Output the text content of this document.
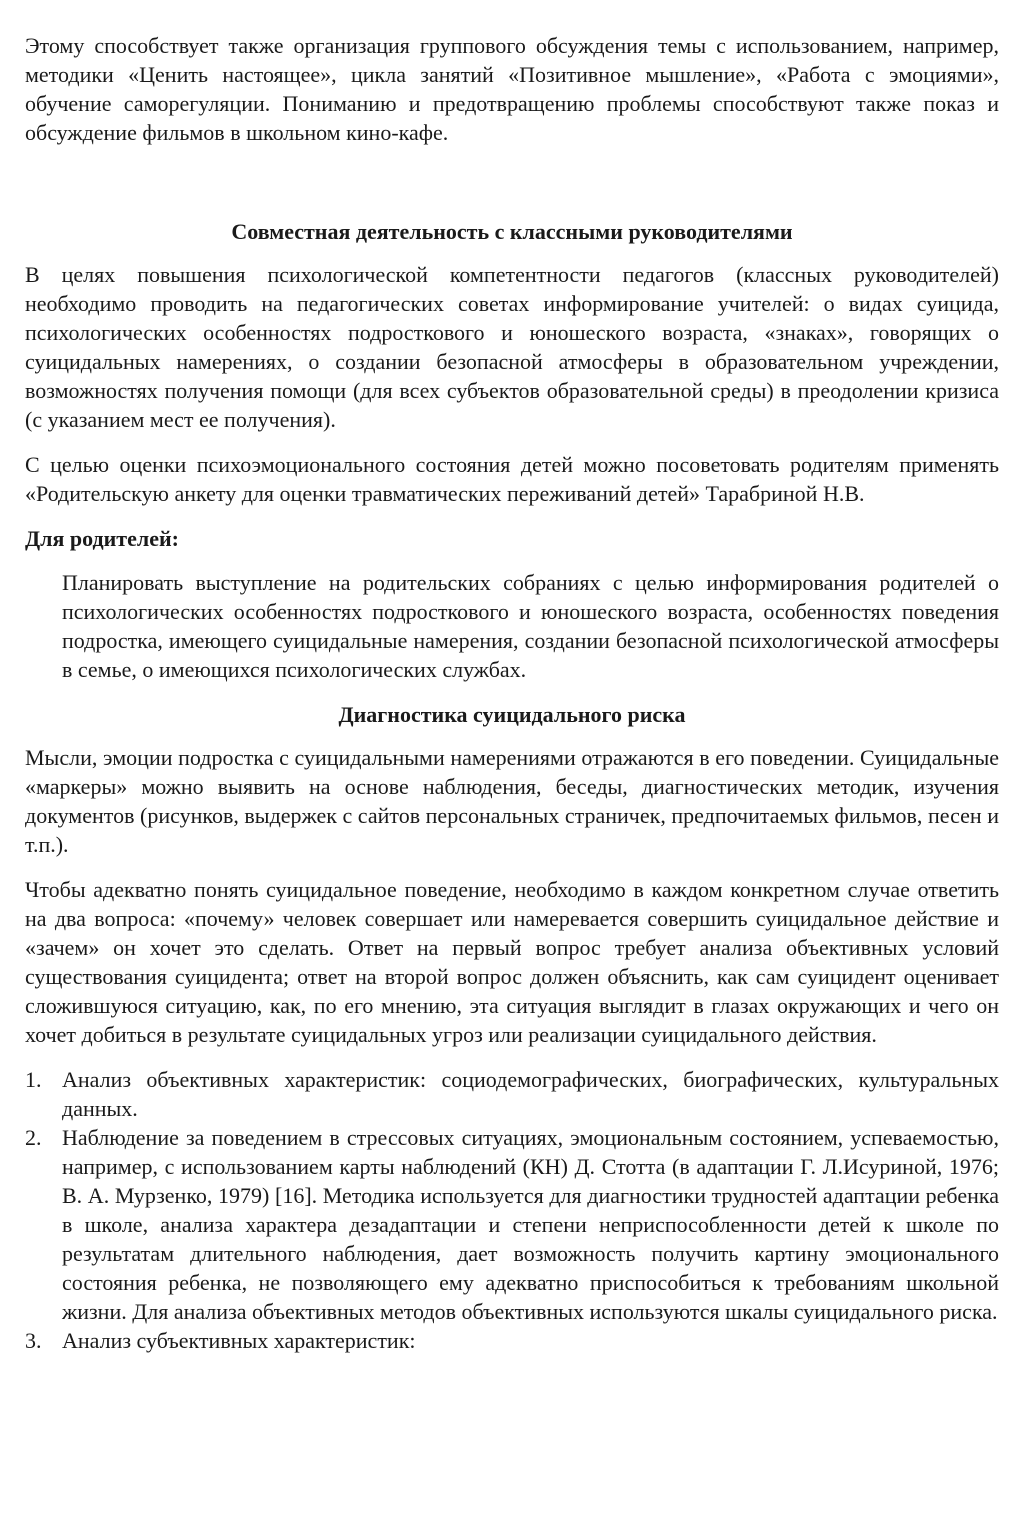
Этому способствует также организация группового обсуждения темы с использованием, например, методики «Ценить настоящее», цикла занятий «Позитивное мышление», «Работа с эмоциями», обучение саморегуляции. Пониманию и предотвращению проблемы способствуют также показ и обсуждение фильмов в школьном кино-кафе.

Совместная деятельность с классными руководителями

В целях повышения психологической компетентности педагогов (классных руководителей) необходимо проводить на педагогических советах информирование учителей: о видах суицида, психологических особенностях подросткового и юношеского возраста, «знаках», говорящих о суицидальных намерениях, о создании безопасной атмосферы в образовательном учреждении, возможностях получения помощи (для всех субъектов образовательной среды) в преодолении кризиса (с указанием мест ее получения).

С целью оценки психоэмоционального состояния детей можно посоветовать родителям применять «Родительскую анкету для оценки травматических переживаний детей» Тарабриной Н.В.

Для родителей:

Планировать выступление на родительских собраниях с целью информирования родителей о психологических особенностях подросткового и юношеского возраста, особенностях поведения подростка, имеющего суицидальные намерения, создании безопасной психологической атмосферы в семье, о имеющихся психологических службах.

Диагностика суицидального риска

Мысли, эмоции подростка с суицидальными намерениями отражаются в его поведении. Суицидальные «маркеры» можно выявить на основе наблюдения, беседы, диагностических методик, изучения документов (рисунков, выдержек с сайтов персональных страничек, предпочитаемых фильмов, песен и т.п.).

Чтобы адекватно понять суицидальное поведение, необходимо в каждом конкретном случае ответить на два вопроса: «почему» человек совершает или намеревается совершить суицидальное действие и «зачем» он хочет это сделать. Ответ на первый вопрос требует анализа объективных условий существования суицидента; ответ на второй вопрос должен объяснить, как сам суицидент оценивает сложившуюся ситуацию, как, по его мнению, эта ситуация выглядит в глазах окружающих и чего он хочет добиться в результате суицидальных угроз или реализации суицидального действия.

1. Анализ объективных характеристик: социодемографических, биографических, культуральных данных.
2. Наблюдение за поведением в стрессовых ситуациях, эмоциональным состоянием, успеваемостью, например, с использованием карты наблюдений (КН) Д. Стотта (в адаптации Г. Л.Исуриной, 1976; В. А. Мурзенко, 1979) [16]. Методика используется для диагностики трудностей адаптации ребенка в школе, анализа характера дезадаптации и степени неприспособленности детей к школе по результатам длительного наблюдения, дает возможность получить картину эмоционального состояния ребенка, не позволяющего ему адекватно приспособиться к требованиям школьной жизни. Для анализа объективных методов объективных используются шкалы суицидального риска.
3. Анализ субъективных характеристик:
